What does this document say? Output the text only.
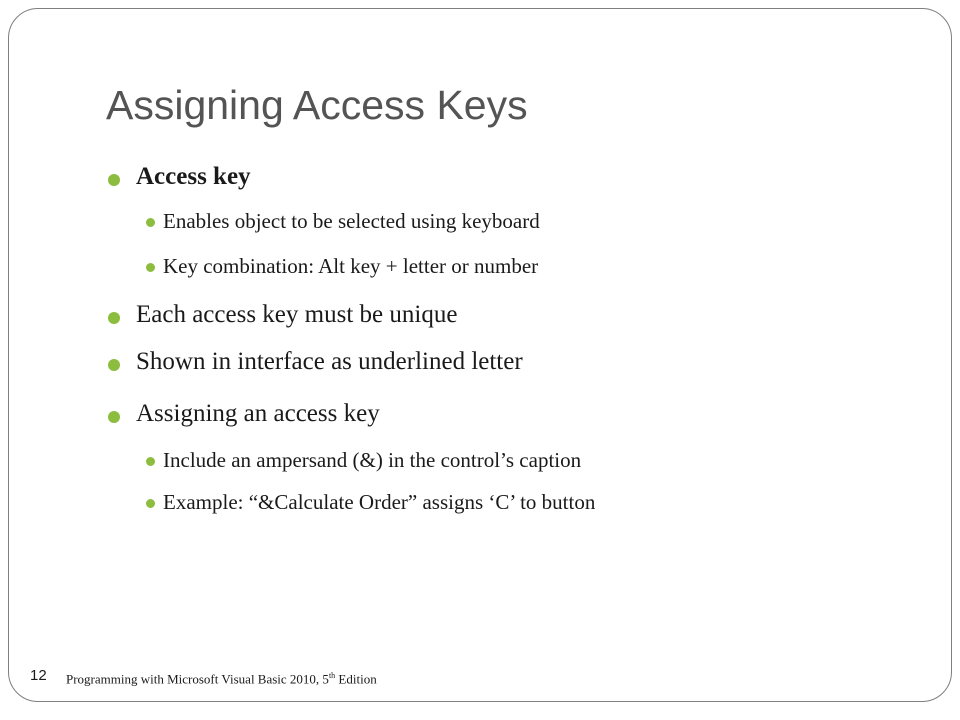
Assigning Access Keys
Access key
Enables object to be selected using keyboard
Key combination: Alt key + letter or number
Each access key must be unique
Shown in interface as underlined letter
Assigning an access key
Include an ampersand (&) in the control’s caption
Example: “&Calculate Order” assigns ‘C’ to button
12 Programming with Microsoft Visual Basic 2010, 5th Edition
